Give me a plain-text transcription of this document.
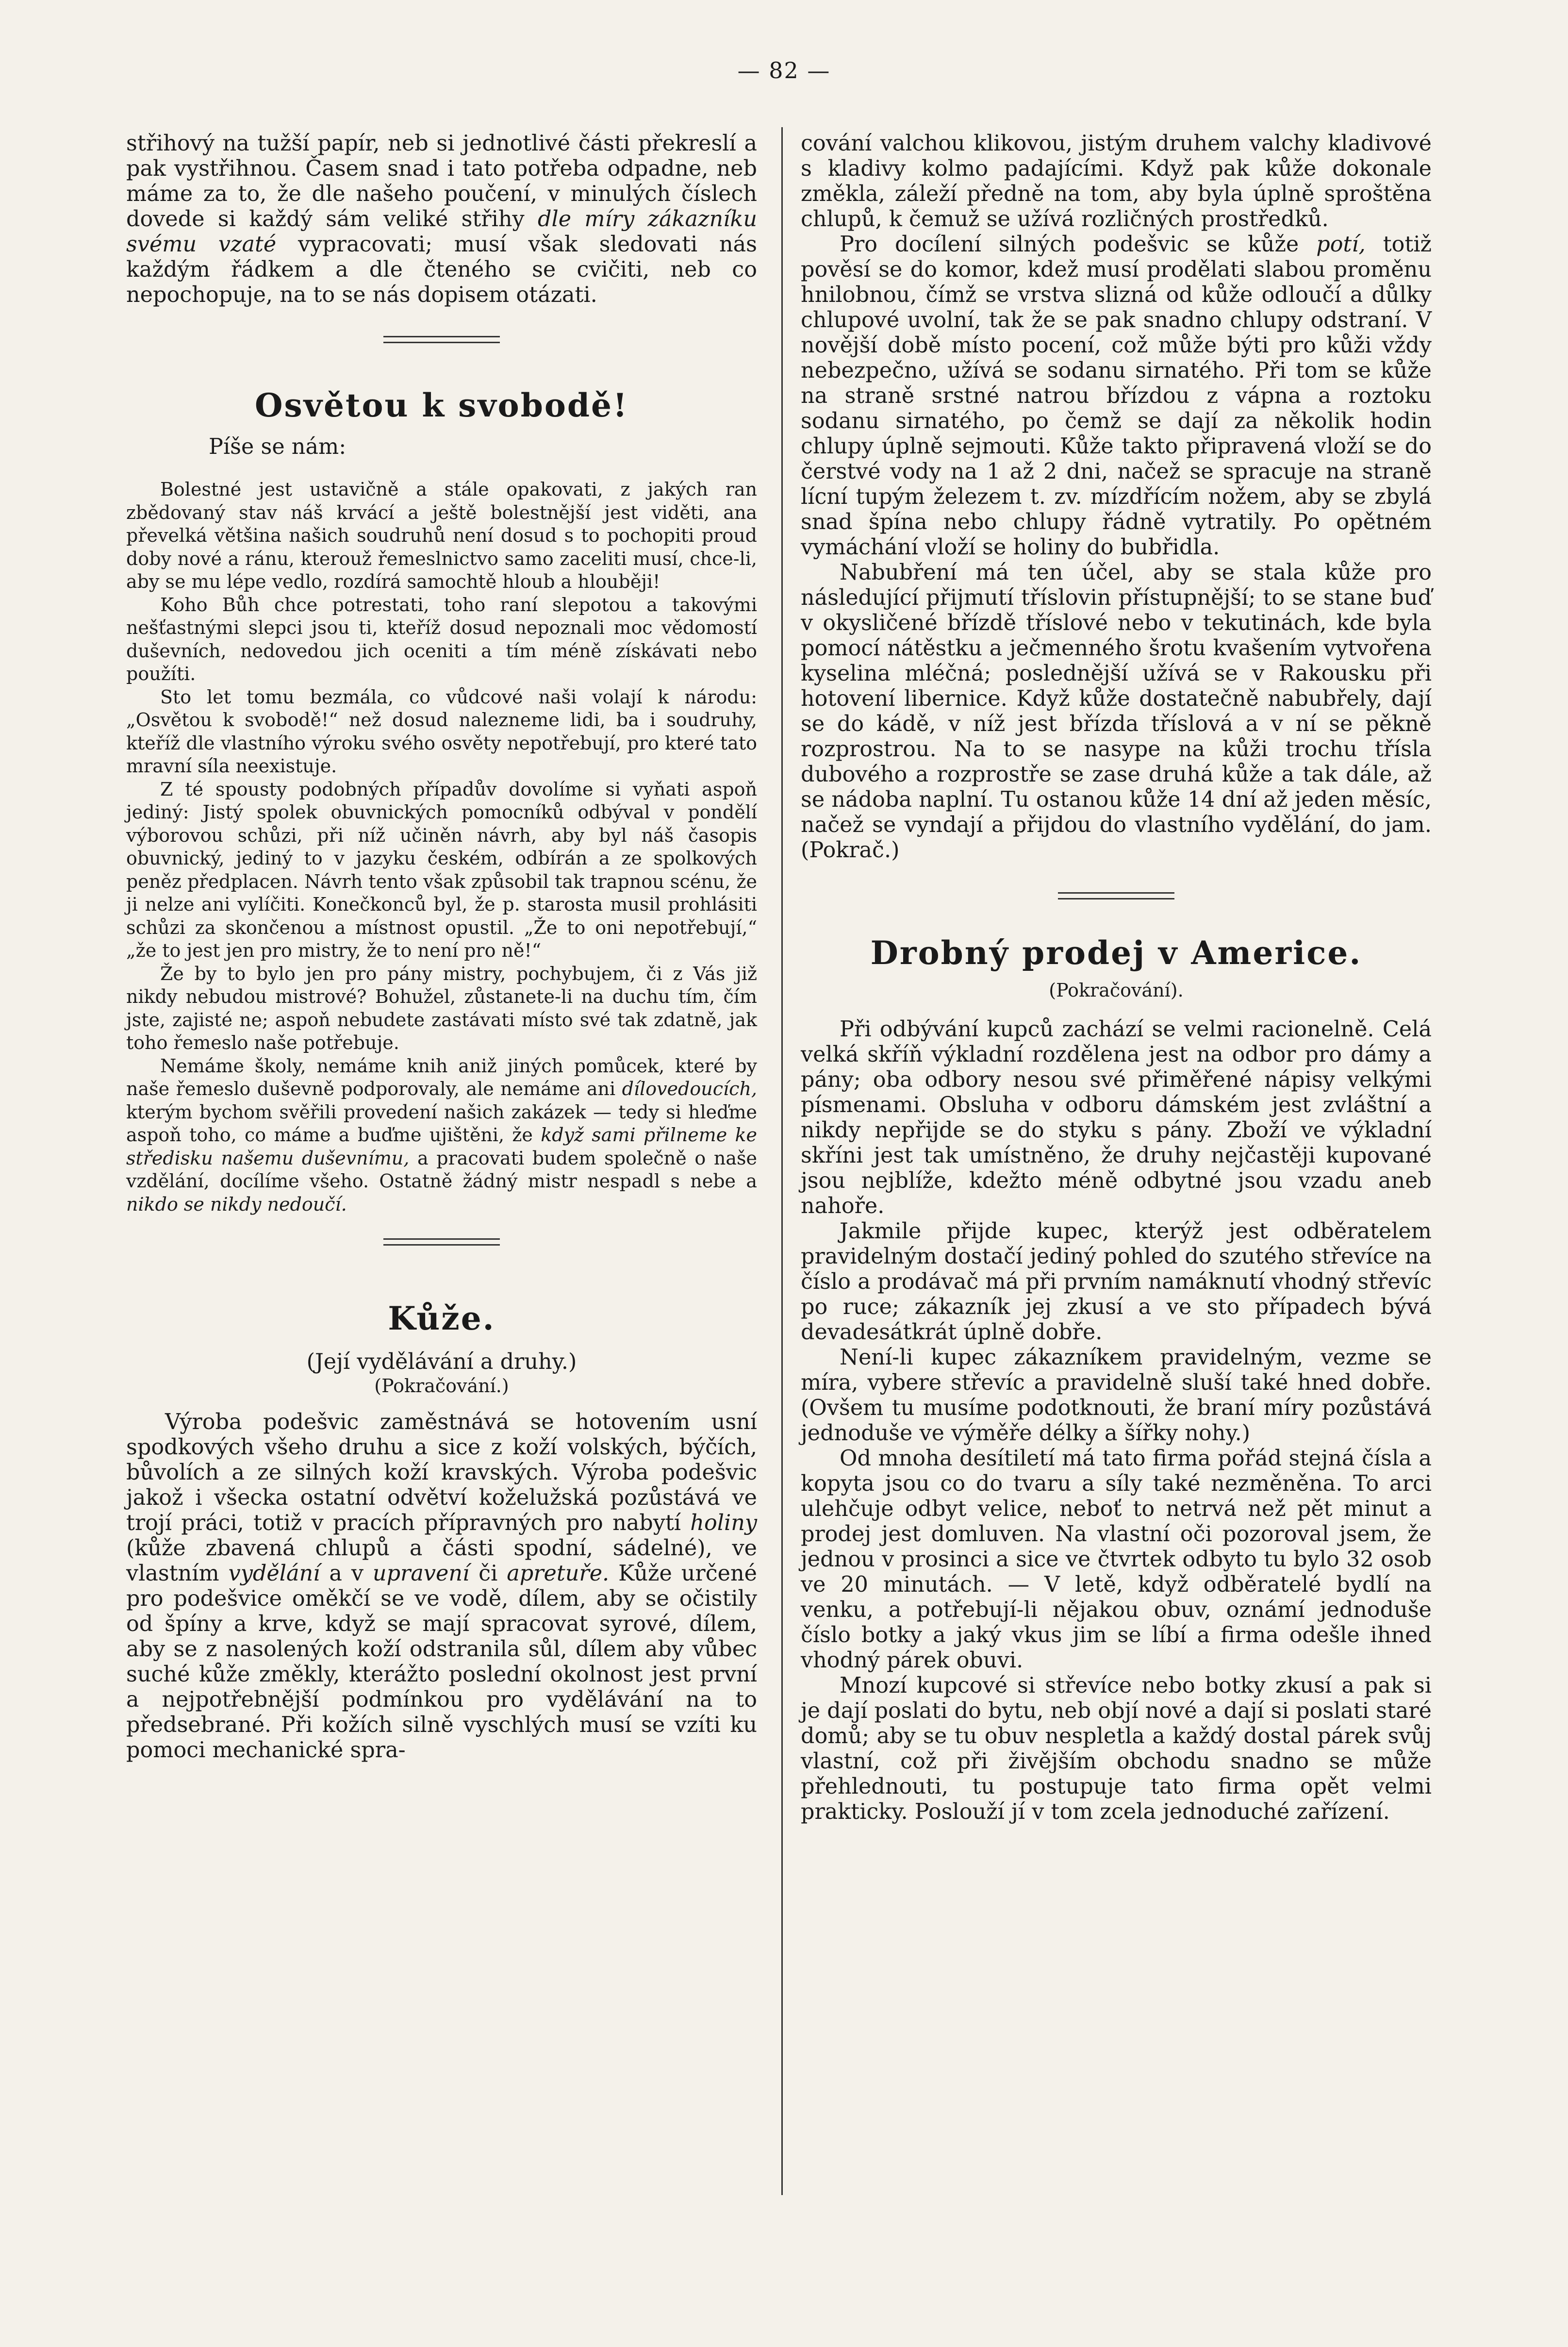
— 82 —

střihový na tužší papír, neb si jednotlivé části překreslí a pak vystřihnou. Časem snad i tato potřeba odpadne, neb máme za to, že dle našeho poučení, v minulých číslech dovede si každý sám veliké střihy dle míry zákazníku svému vzaté vypracovati; musí však sledovati nás každým řádkem a dle čteného se cvičiti, neb co nepochopuje, na to se nás dopisem otázati.

Osvětou k svobodě!

Píše se nám:

Bolestné jest ustavičně a stále opakovati, z jakých ran zbědovaný stav náš krvácí a ještě bolestnější jest viděti, ana převelká většina našich soudruhů není dosud s to pochopiti proud doby nové a ránu, kterouž řemeslnictvo samo zaceliti musí, chce-li, aby se mu lépe vedlo, rozdírá samochtě hloub a hlouběji!

Koho Bůh chce potrestati, toho raní slepotou a takovými nešťastnými slepci jsou ti, kteříž dosud nepoznali moc vědomostí duševních, nedovedou jich oceniti a tím méně získávati nebo použíti.

Sto let tomu bezmála, co vůdcové naši volají k národu: „Osvětou k svobodě!“ než dosud nalezneme lidi, ba i soudruhy, kteříž dle vlastního výroku svého osvěty nepotřebují, pro které tato mravní síla neexistuje.

Z té spousty podobných případův dovolíme si vyňati aspoň jediný: Jistý spolek obuvnických pomocníků odbýval v pondělí výborovou schůzi, při níž učiněn návrh, aby byl náš časopis obuvnický, jediný to v jazyku českém, odbírán a ze spolkových peněz předplacen. Návrh tento však způsobil tak trapnou scénu, že ji nelze ani vylíčiti. Konečkonců byl, že p. starosta musil prohlásiti schůzi za skončenou a místnost opustil. „Že to oni nepotřebují,“ „že to jest jen pro mistry, že to není pro ně!“

Že by to bylo jen pro pány mistry, pochybujem, či z Vás již nikdy nebudou mistrové? Bohužel, zůstanete-li na duchu tím, čím jste, zajisté ne; aspoň nebudete zastávati místo své tak zdatně, jak toho řemeslo naše potřebuje.

Nemáme školy, nemáme knih aniž jiných pomůcek, které by naše řemeslo duševně podporovaly, ale nemáme ani dílovedoucích, kterým bychom svěřili provedení našich zakázek — tedy si hleďme aspoň toho, co máme a buďme ujištěni, že když sami přilneme ke středisku našemu duševnímu, a pracovati budem společně o naše vzdělání, docílíme všeho. Ostatně žádný mistr nespadl s nebe a nikdo se nikdy nedoučí.

Kůže.

(Její vydělávání a druhy.)

(Pokračování.)

Výroba podešvic zaměstnává se hotovením usní spodkových všeho druhu a sice z koží volských, býčích, bůvolích a ze silných koží kravských. Výroba podešvic jakož i všecka ostatní odvětví koželužská pozůstává ve trojí práci, totiž v pracích přípravných pro nabytí holiny (kůže zbavená chlupů a části spodní, sádelné), ve vlastním vydělání a v upravení či apretuře. Kůže určené pro podešvice oměkčí se ve vodě, dílem, aby se očistily od špíny a krve, když se mají spracovat syrové, dílem, aby se z nasolených koží odstranila sůl, dílem aby vůbec suché kůže změkly, kterážto poslední okolnost jest první a nejpotřebnější podmínkou pro vydělávání na to předsebrané. Při kožích silně vyschlých musí se vzíti ku pomoci mechanické spra-

cování valchou klikovou, jistým druhem valchy kladivové s kladivy kolmo padajícími. Když pak kůže dokonale změkla, záleží předně na tom, aby byla úplně sproštěna chlupů, k čemuž se užívá rozličných prostředků.

Pro docílení silných podešvic se kůže potí, totiž pověsí se do komor, kdež musí prodělati slabou proměnu hnilobnou, čímž se vrstva slizná od kůže odloučí a důlky chlupové uvolní, tak že se pak snadno chlupy odstraní. V novější době místo pocení, což může býti pro kůži vždy nebezpečno, užívá se sodanu sirnatého. Při tom se kůže na straně srstné natrou břízdou z vápna a roztoku sodanu sirnatého, po čemž se dají za několik hodin chlupy úplně sejmouti. Kůže takto připravená vloží se do čerstvé vody na 1 až 2 dni, načež se spracuje na straně lícní tupým železem t. zv. mízdřícím nožem, aby se zbylá snad špína nebo chlupy řádně vytratily. Po opětném vymáchání vloží se holiny do bubřidla.

Nabubření má ten účel, aby se stala kůže pro následující přijmutí tříslovin přístupnější; to se stane buď v okysličené břízdě tříslové nebo v tekutinách, kde byla pomocí nátěstku a ječmenného šrotu kvašením vytvořena kyselina mléčná; poslednější užívá se v Rakousku při hotovení libernice. Když kůže dostatečně nabubřely, dají se do kádě, v níž jest břízda tříslová a v ní se pěkně rozprostrou. Na to se nasype na kůži trochu třísla dubového a rozprostře se zase druhá kůže a tak dále, až se nádoba naplní. Tu ostanou kůže 14 dní až jeden měsíc, načež se vyndají a přijdou do vlastního vydělání, do jam. (Pokrač.)

Drobný prodej v Americe.

(Pokračování).

Při odbývání kupců zachází se velmi racionelně. Celá velká skříň výkladní rozdělena jest na odbor pro dámy a pány; oba odbory nesou své přiměřené nápisy velkými písmenami. Obsluha v odboru dámském jest zvláštní a nikdy nepřijde se do styku s pány. Zboží ve výkladní skříni jest tak umístněno, že druhy nejčastěji kupované jsou nejblíže, kdežto méně odbytné jsou vzadu aneb nahoře.

Jakmile přijde kupec, kterýž jest odběratelem pravidelným dostačí jediný pohled do szutého střevíce na číslo a prodávač má při prvním namáknutí vhodný střevíc po ruce; zákazník jej zkusí a ve sto případech bývá devadesátkrát úplně dobře.

Není-li kupec zákazníkem pravidelným, vezme se míra, vybere střevíc a pravidelně sluší také hned dobře. (Ovšem tu musíme podotknouti, že braní míry pozůstává jednoduše ve výměře délky a šířky nohy.)

Od mnoha desítiletí má tato firma pořád stejná čísla a kopyta jsou co do tvaru a síly také nezměněna. To arci ulehčuje odbyt velice, neboť to netrvá než pět minut a prodej jest domluven. Na vlastní oči pozoroval jsem, že jednou v prosinci a sice ve čtvrtek odbyto tu bylo 32 osob ve 20 minutách. — V letě, když odběratelé bydlí na venku, a potřebují-li nějakou obuv, oznámí jednoduše číslo botky a jaký vkus jim se líbí a firma odešle ihned vhodný párek obuvi.

Mnozí kupcové si střevíce nebo botky zkusí a pak si je dají poslati do bytu, neb objí nové a dají si poslati staré domů; aby se tu obuv nespletla a každý dostal párek svůj vlastní, což při živějším obchodu snadno se může přehlednouti, tu postupuje tato firma opět velmi prakticky. Poslouží jí v tom zcela jednoduché zařízení.
